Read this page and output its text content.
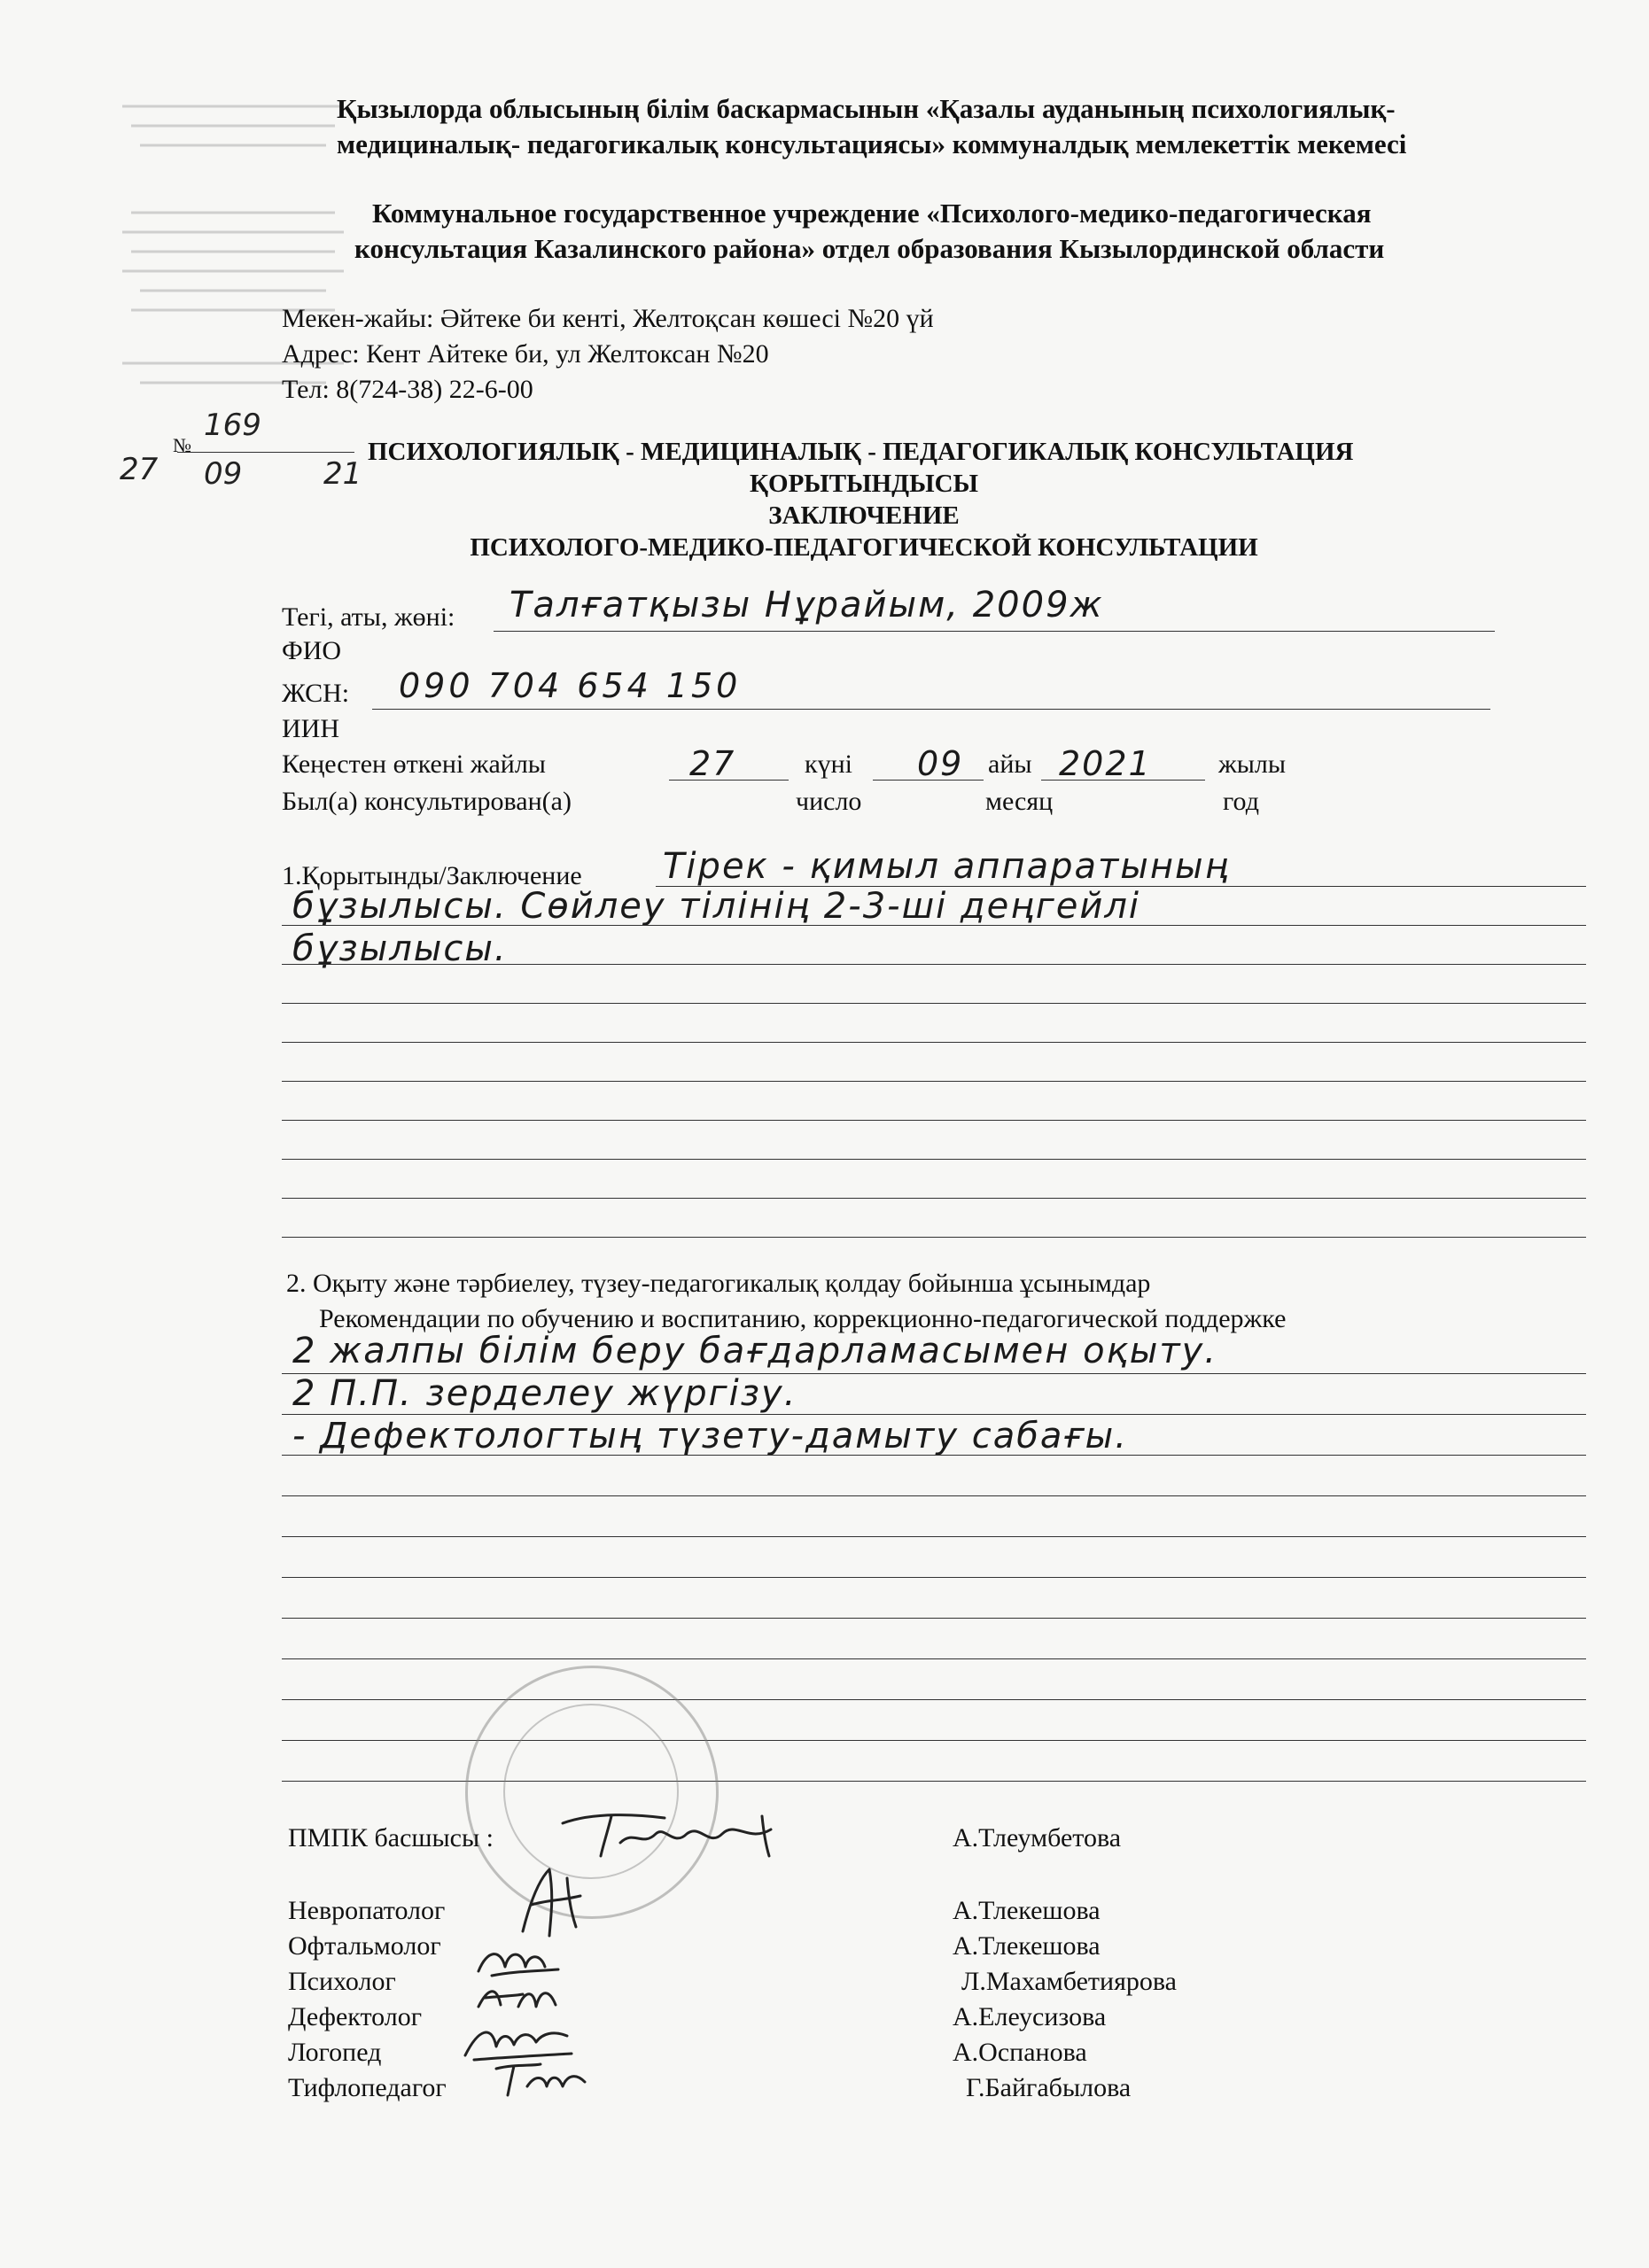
Қызылорда облысының білім баскармасынын «Қазалы ауданының психологиялық-
медициналық- педагогикалық консультациясы» коммуналдық мемлекеттік мекемесі
Коммунальное государственное учреждение «Психолого-медико-педагогическая
консультация Казалинского района» отдел образования Кызылординской области
Мекен-жайы: Әйтеке би кенті, Желтоқсан көшесі №20 үй
Адрес: Кент Айтеке би, ул Желтоксан №20
Тел: 8(724-38) 22-6-00
№
169
27 09	21
ПСИХОЛОГИЯЛЫҚ - МЕДИЦИНАЛЫҚ - ПЕДАГОГИКАЛЫҚ КОНСУЛЬТАЦИЯ
ҚОРЫТЫНДЫСЫ
ЗАКЛЮЧЕНИЕ
ПСИХОЛОГО-МЕДИКО-ПЕДАГОГИЧЕСКОЙ КОНСУЛЬТАЦИИ
Тегі, аты, жөні:
ФИО
Талғатқызы Нұрайым, 2009ж
ЖСН:
ИИН
090 704 654 150
Кеңестен өткені жайлы
Был(а) консультирован(а)
27	күні
число
09 айы
месяц
2021	жылы
год
1.Қорытынды/Заключение Тірек - қимыл аппаратының
бұзылысы. Сөйлеу тілінің 2-3-ші деңгейлі
бұзылысы.
2. Оқыту және тәрбиелеу, түзеу-педагогикалық қолдау бойынша ұсынымдар
Рекомендации по обучению и воспитанию, коррекционно-педагогической поддержке
2 жалпы білім беру бағдарламасымен оқыту.
2 П.П. зерделеу жүргізу.
- Дефектологтың түзету-дамыту сабағы.
ПМПК басшысы :	А.Тлеумбетова
Невропатолог	А.Тлекешова
Офтальмолог	А.Тлекешова
Психолог	Л.Махамбетиярова
Дефектолог	А.Елеусизова
Логопед	А.Оспанова
Тифлопедагог	Г.Байгабылова
